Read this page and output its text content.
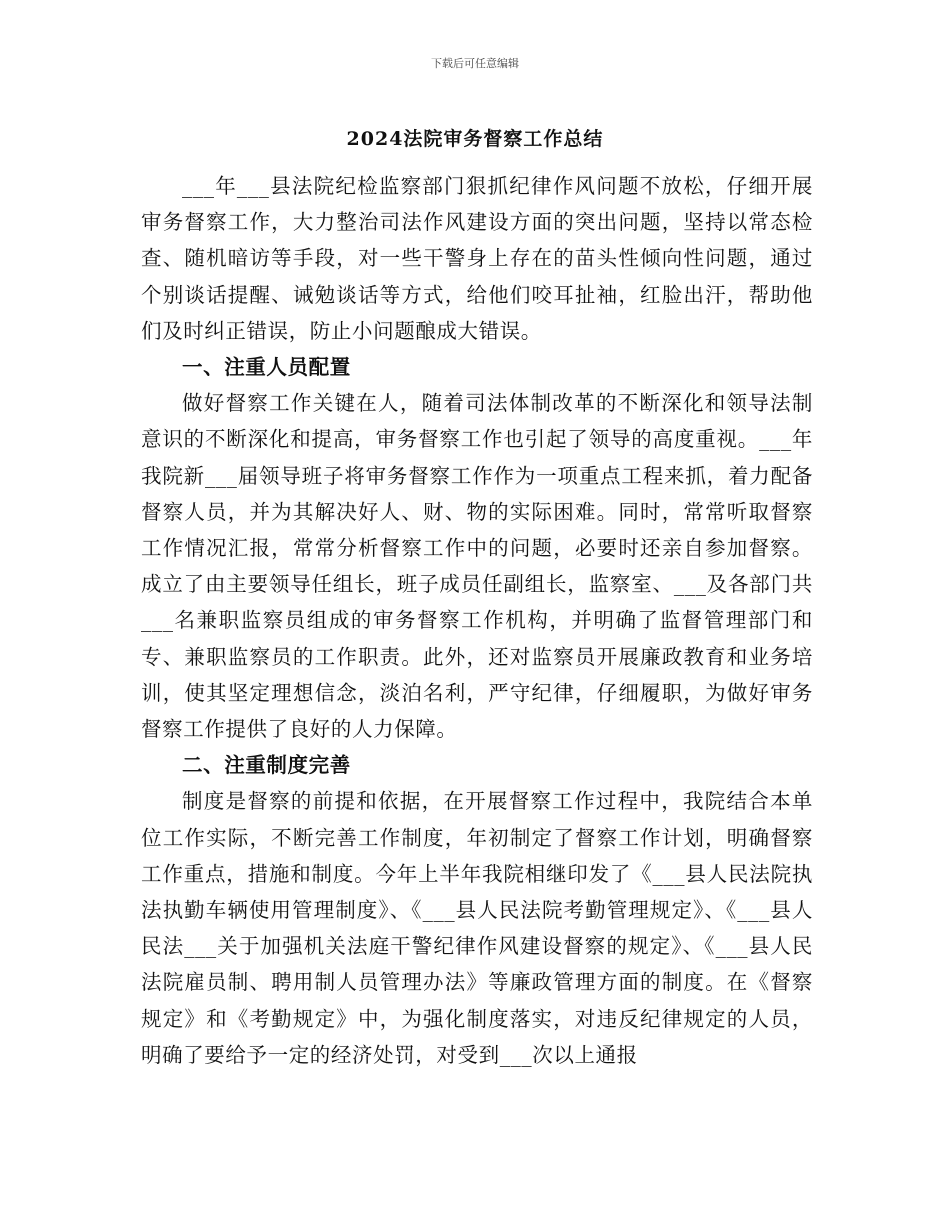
下载后可任意编辑
2024法院审务督察工作总结

___年___县法院纪检监察部门狠抓纪律作风问题不放松，仔细开展审务督察工作，大力整治司法作风建设方面的突出问题，坚持以常态检查、随机暗访等手段，对一些干警身上存在的苗头性倾向性问题，通过个别谈话提醒、诫勉谈话等方式，给他们咬耳扯袖，红脸出汗，帮助他们及时纠正错误，防止小问题酿成大错误。

一、注重人员配置

做好督察工作关键在人，随着司法体制改革的不断深化和领导法制意识的不断深化和提高，审务督察工作也引起了领导的高度重视。___年我院新___届领导班子将审务督察工作作为一项重点工程来抓，着力配备督察人员，并为其解决好人、财、物的实际困难。同时，常常听取督察工作情况汇报，常常分析督察工作中的问题，必要时还亲自参加督察。成立了由主要领导任组长，班子成员任副组长，监察室、___及各部门共___名兼职监察员组成的审务督察工作机构，并明确了监督管理部门和专、兼职监察员的工作职责。此外，还对监察员开展廉政教育和业务培训，使其坚定理想信念，淡泊名利，严守纪律，仔细履职，为做好审务督察工作提供了良好的人力保障。

二、注重制度完善

制度是督察的前提和依据，在开展督察工作过程中，我院结合本单位工作实际，不断完善工作制度，年初制定了督察工作计划，明确督察工作重点，措施和制度。今年上半年我院相继印发了《___县人民法院执法执勤车辆使用管理制度》、《___县人民法院考勤管理规定》、《___县人民法___关于加强机关法庭干警纪律作风建设督察的规定》、《___县人民法院雇员制、聘用制人员管理办法》等廉政管理方面的制度。在《督察规定》和《考勤规定》中，为强化制度落实，对违反纪律规定的人员，明确了要给予一定的经济处罚，对受到___次以上通报
